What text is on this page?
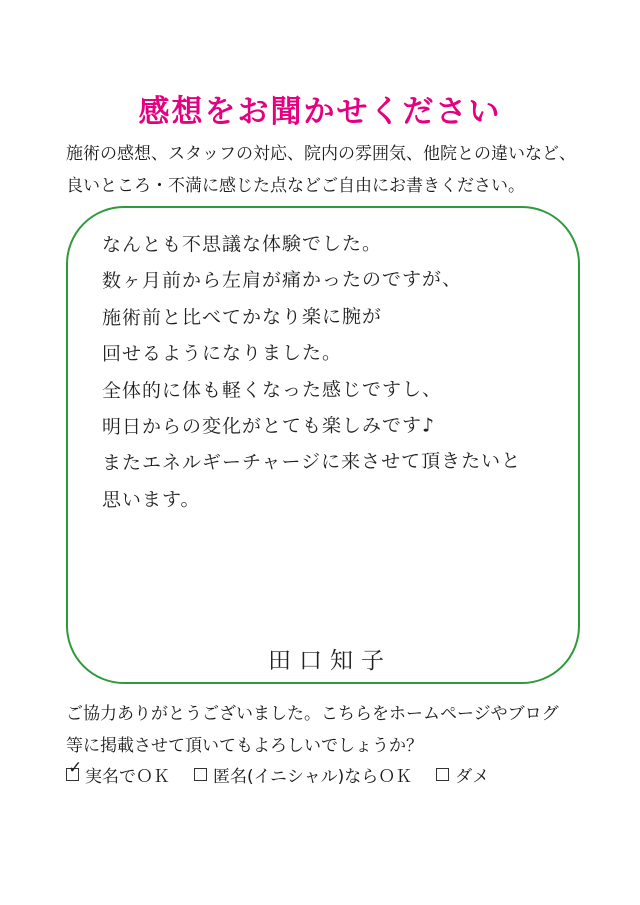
感想をお聞かせください
施術の感想、スタッフの対応、院内の雰囲気、他院との違いなど、
良いところ・不満に感じた点などご自由にお書きください。
なんとも不思議な体験でした。
数ヶ月前から左肩が痛かったのですが、
施術前と比べてかなり楽に腕が
回せるようになりました。
全体的に体も軽くなった感じですし、
明日からの変化がとても楽しみです♪
またエネルギーチャージに来させて頂きたいと
思います。
田口知子
ご協力ありがとうございました。こちらをホームページやブログ
等に掲載させて頂いてもよろしいでしょうか？
✓ 実名でＯＫ	匿名(イニシャル)ならＯＫ	ダメ
